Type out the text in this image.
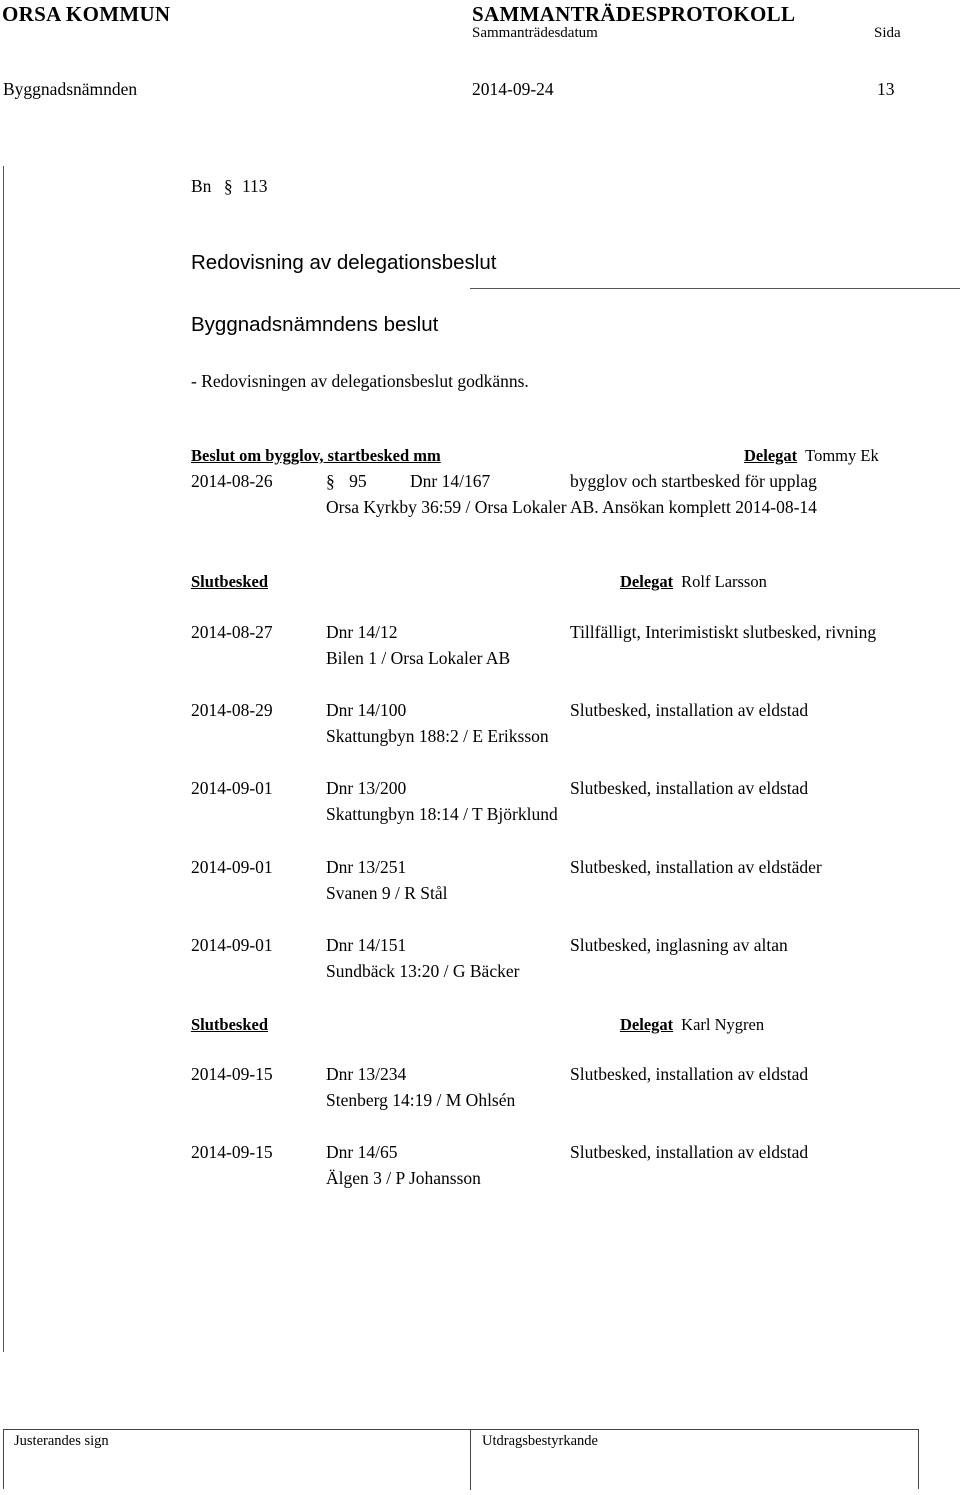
ORSA KOMMUN	SAMMANTRÄDESPROTOKOLL
Sammanträdesdatum	Sida
Byggnadsnämnden	2014-09-24	13
Bn § 113
Redovisning av delegationsbeslut
Byggnadsnämndens beslut
- Redovisningen av delegationsbeslut godkänns.
Beslut om bygglov, startbesked mm	Delegat Tommy Ek
2014-08-26	§ 95 Dnr 14/167	bygglov och startbesked för upplag
Orsa Kyrkby 36:59 / Orsa Lokaler AB. Ansökan komplett 2014-08-14
Slutbesked	Delegat Rolf Larsson
2014-08-27	Dnr 14/12	Tillfälligt, Interimistiskt slutbesked, rivning
Bilen 1 / Orsa Lokaler AB
2014-08-29	Dnr 14/100	Slutbesked, installation av eldstad
Skattungbyn 188:2 / E Eriksson
2014-09-01	Dnr 13/200	Slutbesked, installation av eldstad
Skattungbyn 18:14 / T Björklund
2014-09-01	Dnr 13/251	Slutbesked, installation av eldstäder
Svanen 9 / R Stål
2014-09-01	Dnr 14/151	Slutbesked, inglasning av altan
Sundbäck 13:20 / G Bäcker
Slutbesked	Delegat Karl Nygren
2014-09-15	Dnr 13/234	Slutbesked, installation av eldstad
Stenberg 14:19 / M Ohlsén
2014-09-15	Dnr 14/65	Slutbesked, installation av eldstad
Älgen 3 / P Johansson
Justerandes sign	Utdragsbestyrkande
